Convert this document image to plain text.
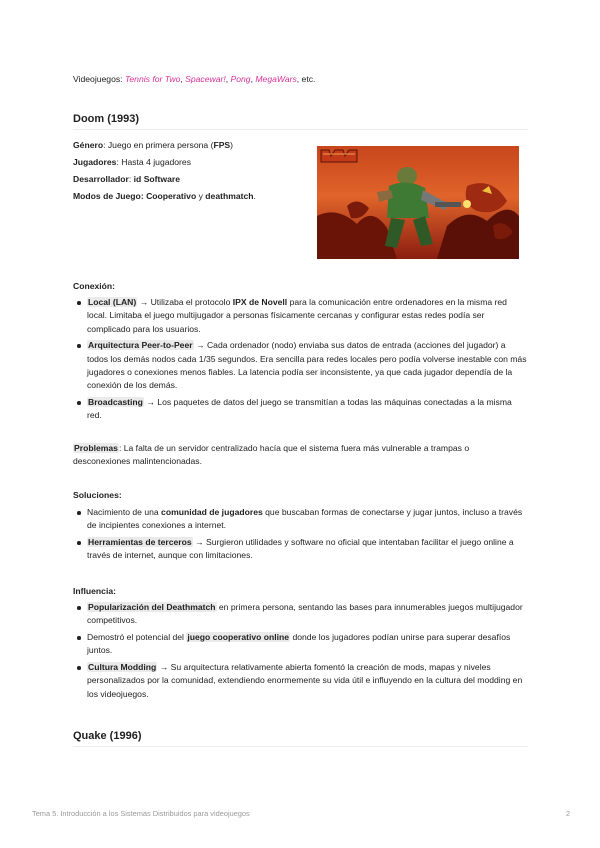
Videojuegos: Tennis for Two, Spacewar!, Pong, MegaWars, etc.
Doom (1993)
Género: Juego en primera persona (FPS)
Jugadores: Hasta 4 jugadores
Desarrollador: id Software
Modos de Juego: Cooperativo y deathmatch.
Conexión:
Local (LAN) → Utilizaba el protocolo IPX de Novell para la comunicación entre ordenadores en la misma red local. Limitaba el juego multijugador a personas físicamente cercanas y configurar estas redes podía ser complicado para los usuarios.
Arquitectura Peer-to-Peer → Cada ordenador (nodo) enviaba sus datos de entrada (acciones del jugador) a todos los demás nodos cada 1/35 segundos. Era sencilla para redes locales pero podía volverse inestable con más jugadores o conexiones menos fiables. La latencia podía ser inconsistente, ya que cada jugador dependía de la conexión de los demás.
Broadcasting → Los paquetes de datos del juego se transmitían a todas las máquinas conectadas a la misma red.
Problemas: La falta de un servidor centralizado hacía que el sistema fuera más vulnerable a trampas o desconexiones malintencionadas.
Soluciones:
Nacimiento de una comunidad de jugadores que buscaban formas de conectarse y jugar juntos, incluso a través de incipientes conexiones a internet.
Herramientas de terceros → Surgieron utilidades y software no oficial que intentaban facilitar el juego online a través de internet, aunque con limitaciones.
Influencia:
Popularización del Deathmatch en primera persona, sentando las bases para innumerables juegos multijugador competitivos.
Demostró el potencial del juego cooperativo online donde los jugadores podían unirse para superar desafíos juntos.
Cultura Modding → Su arquitectura relativamente abierta fomentó la creación de mods, mapas y niveles personalizados por la comunidad, extendiendo enormemente su vida útil e influyendo en la cultura del modding en los videojuegos.
Quake (1996)
Tema 5. Introducción a los Sistemas Distribuidos para videojuegos	2
